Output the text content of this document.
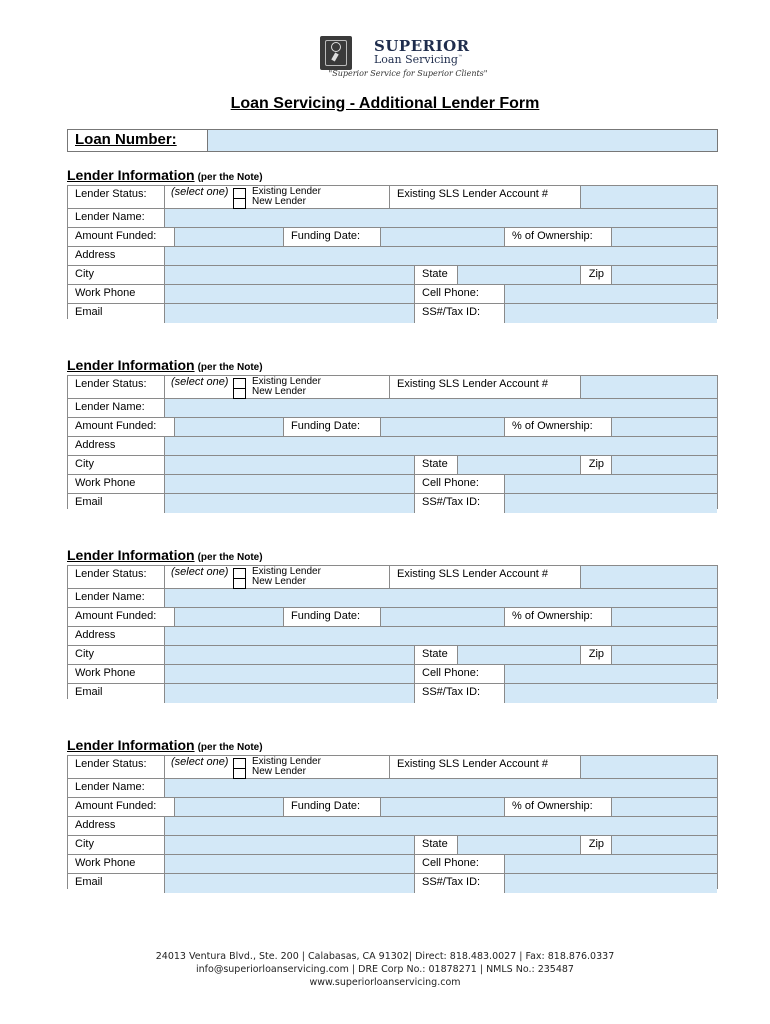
SUPERIOR
Loan Servicing™
"Superior Service for Superior Clients"
Loan Servicing - Additional Lender Form
Loan Number:
Lender Information (per the Note)
Lender Status:	(select one) Existing Lender
New Lender
Existing SLS Lender Account #
Lender Name:
Amount Funded:	Funding Date:	% of Ownership:
Address
City	State	Zip
Work Phone	Cell Phone:
Email	SS#/Tax ID:
Lender Information (per the Note)
Lender Status:	(select one) Existing Lender
New Lender
Existing SLS Lender Account #
Lender Name:
Amount Funded:	Funding Date:	% of Ownership:
Address
City	State	Zip
Work Phone	Cell Phone:
Email	SS#/Tax ID:
Lender Information (per the Note)
Lender Status:	(select one) Existing Lender
New Lender
Existing SLS Lender Account #
Lender Name:
Amount Funded:	Funding Date:	% of Ownership:
Address
City	State	Zip
Work Phone	Cell Phone:
Email	SS#/Tax ID:
Lender Information (per the Note)
Lender Status:	(select one) Existing Lender
New Lender
Existing SLS Lender Account #
Lender Name:
Amount Funded:	Funding Date:	% of Ownership:
Address
City	State	Zip
Work Phone	Cell Phone:
Email	SS#/Tax ID:
24013 Ventura Blvd., Ste. 200 | Calabasas, CA 91302| Direct: 818.483.0027 | Fax: 818.876.0337
info@superiorloanservicing.com | DRE Corp No.: 01878271 | NMLS No.: 235487
www.superiorloanservicing.com
